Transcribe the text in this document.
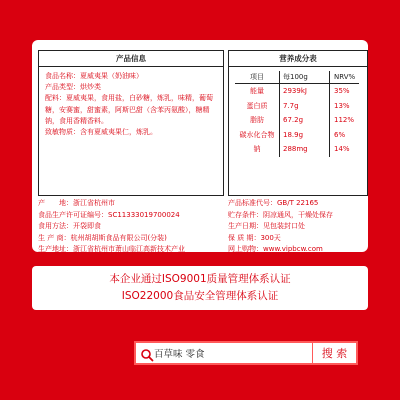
产品信息
食品名称：夏威夷果（奶油味）
产品类型：烘炒类
配料：夏威夷果，食用盐，白砂糖，炼乳，味精，葡萄糖，安赛蜜，甜蜜素，阿斯巴甜（含苯丙氨酸），糖精钠，食用香精香料。
致敏物质：含有夏威夷果仁，炼乳。
营养成分表
项目	每100g	NRV%
能量	2939kJ	35%
蛋白质	7.7g	13%
脂肪	67.2g	112%
碳水化合物	18.9g	6%
钠	288mg	14%
产　　地：浙江省杭州市
食品生产许可证编号：SC11333019700024
食用方法：开袋即食
生 产 商：杭州胡胡斯食品有限公司(分装)
生产地址：浙江省杭州市萧山临江高新技术产业
　　　　　开发区纬七路1999号
产品标准代号：GB/T 22165
贮存条件：阴凉通风，干燥处保存
生产日期：见包装封口处
保 质 期：300天
网上购物：www.vipbcw.com
服务热线：400-881-0118
本企业通过ISO9001质量管理体系认证
ISO22000食品安全管理体系认证
百草味 零食
搜 索
